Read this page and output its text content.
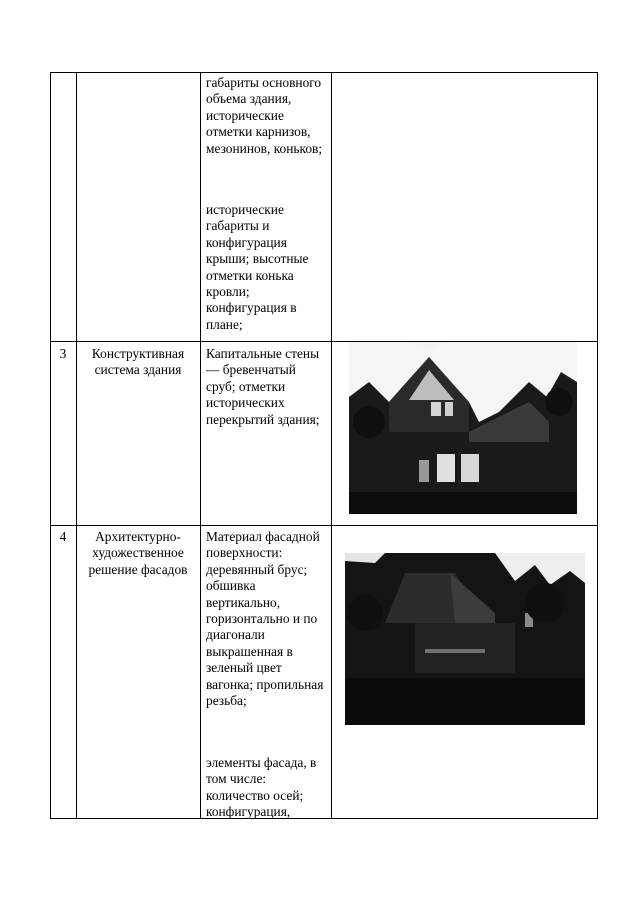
габариты основного объема здания, исторические отметки карнизов, мезонинов, коньков;
исторические габариты и конфигурация крыши; высотные отметки конька кровли; конфигурация в плане;
3	Конструктивная система здания
Капитальные стены — бревенчатый сруб; отметки исторических перекрытий здания;
4	Архитектурно-художественное решение фасадов
Материал фасадной поверхности: деревянный брус; обшивка вертикально, горизонтально и по диагонали выкрашенная в зеленый цвет вагонка; пропильная резьба;
элементы фасада, в том числе: количество осей; конфигурация,
